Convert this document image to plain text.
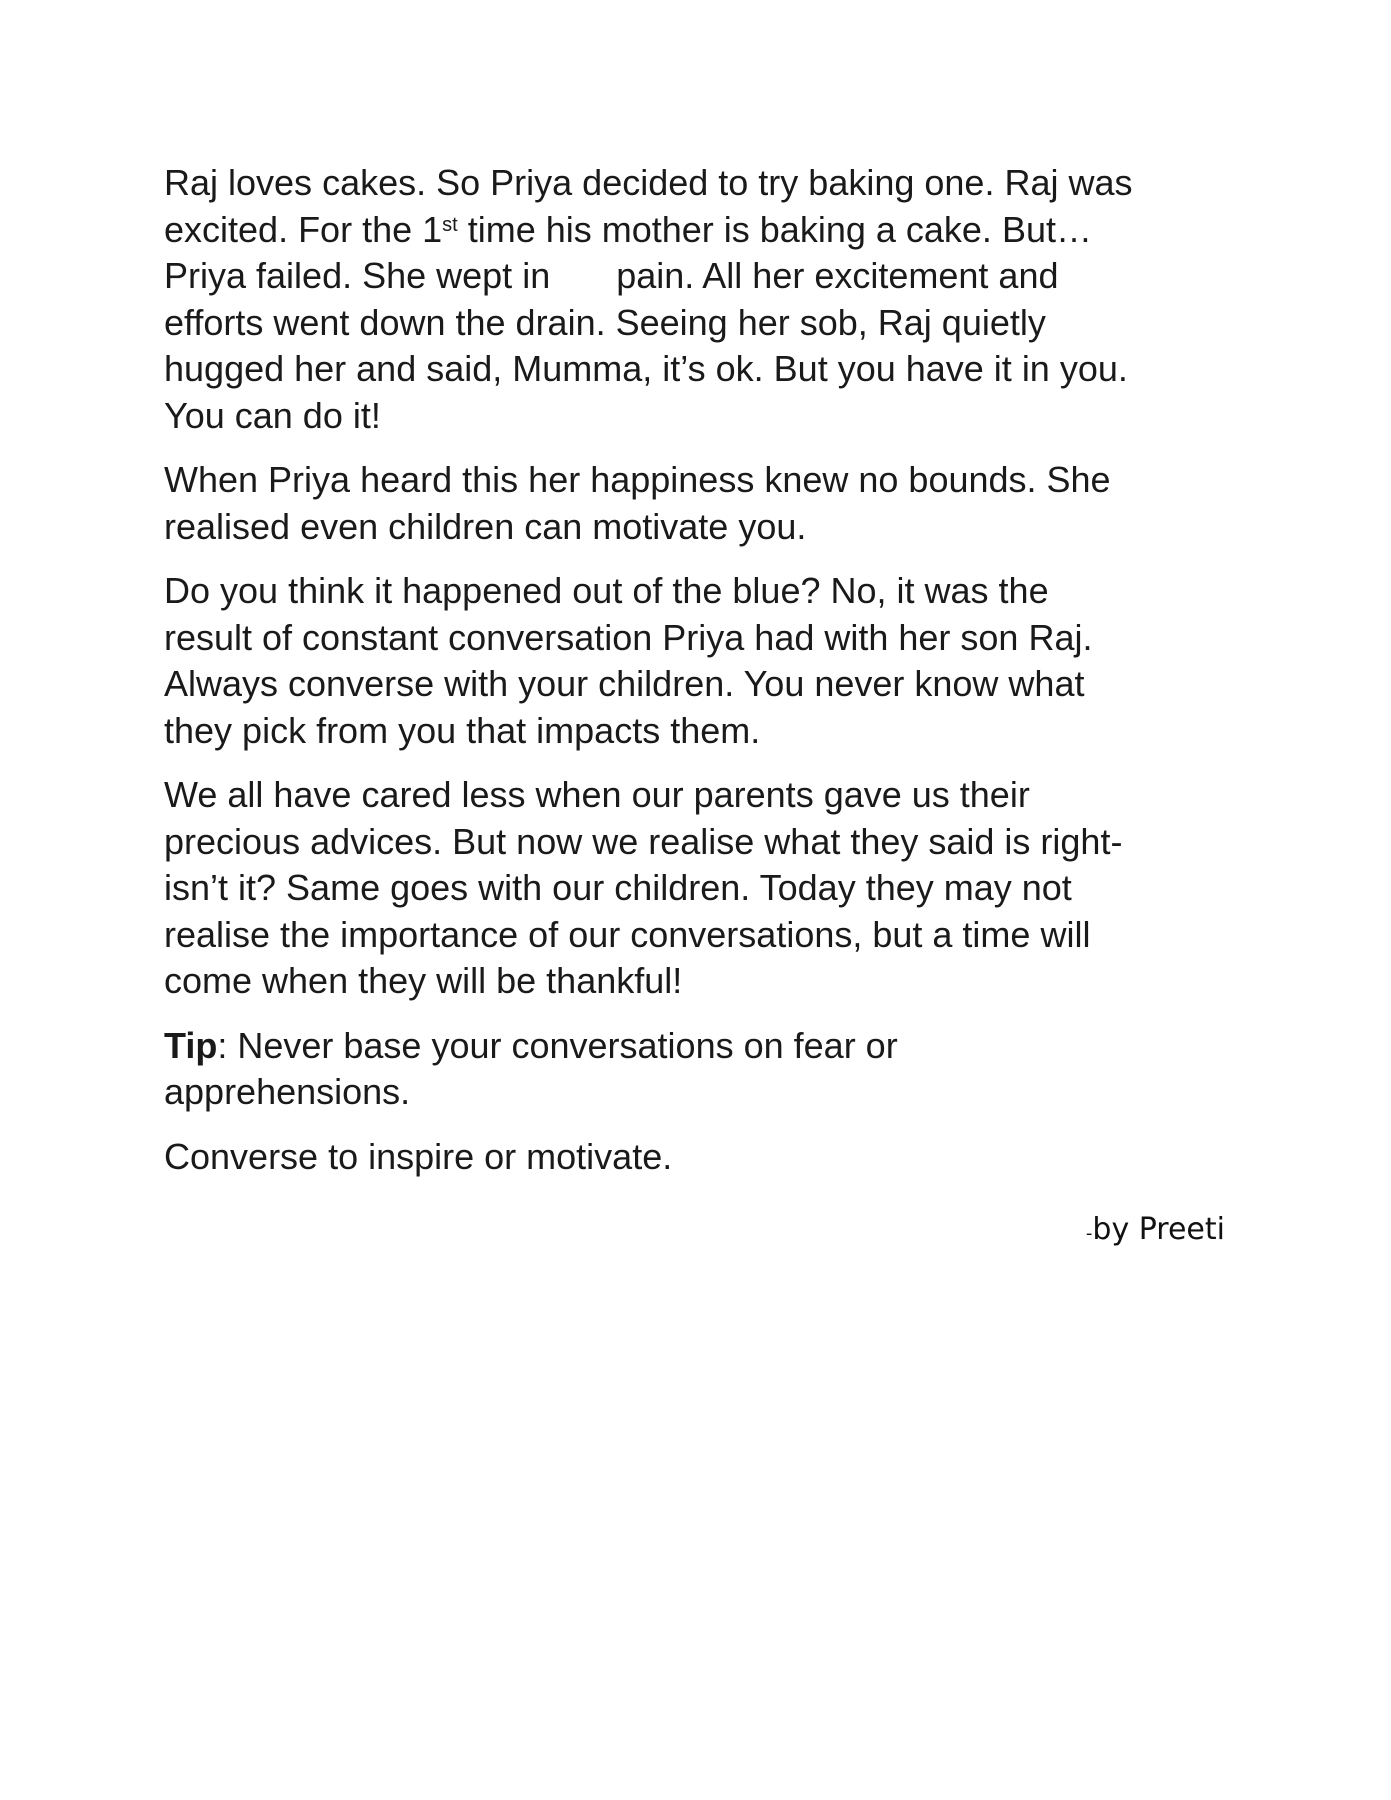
Raj loves cakes. So Priya decided to try baking one. Raj was
excited. For the 1st time his mother is baking a cake. But…
Priya failed. She wept in pain. All her excitement and
efforts went down the drain. Seeing her sob, Raj quietly
hugged her and said, Mumma, it’s ok. But you have it in you.
You can do it!

When Priya heard this her happiness knew no bounds. She
realised even children can motivate you.

Do you think it happened out of the blue? No, it was the
result of constant conversation Priya had with her son Raj.
Always converse with your children. You never know what
they pick from you that impacts them.

We all have cared less when our parents gave us their
precious advices. But now we realise what they said is right-
isn’t it? Same goes with our children. Today they may not
realise the importance of our conversations, but a time will
come when they will be thankful!

Tip: Never base your conversations on fear or
apprehensions.

Converse to inspire or motivate.

-by Preeti
